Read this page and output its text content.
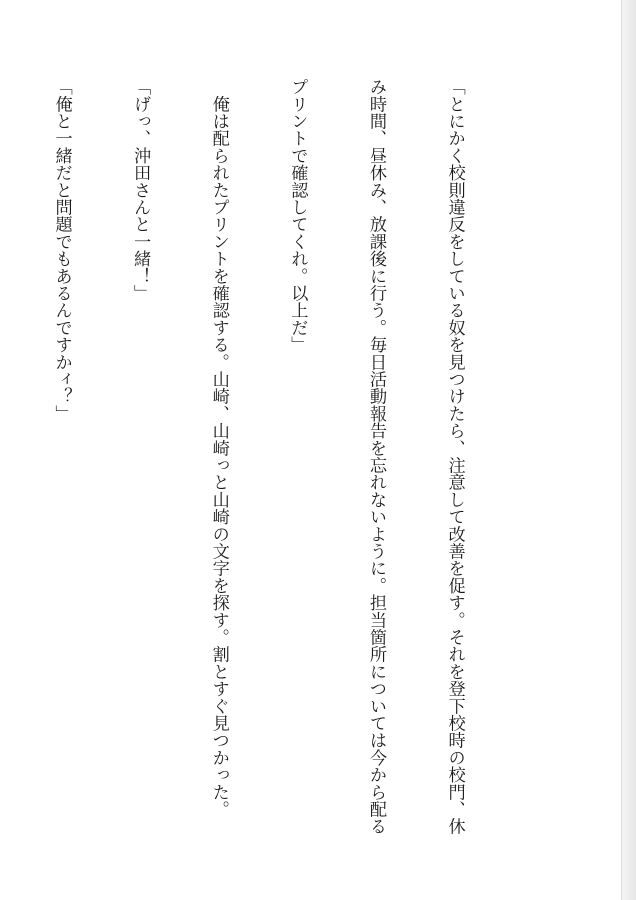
「とにかく校則違反をしている奴を見つけたら、注意して改善を促す。それを登下校時の校門、休

み時間、昼休み、放課後に行う。毎日活動報告を忘れないように。担当箇所については今から配る

プリントで確認してくれ。以上だ」

　俺は配られたプリントを確認する。山崎、山崎っと山崎の文字を探す。割とすぐ見つかった。

「げっ、沖田さんと一緒！」

「俺と一緒だと問題でもあるんですかィ？」
